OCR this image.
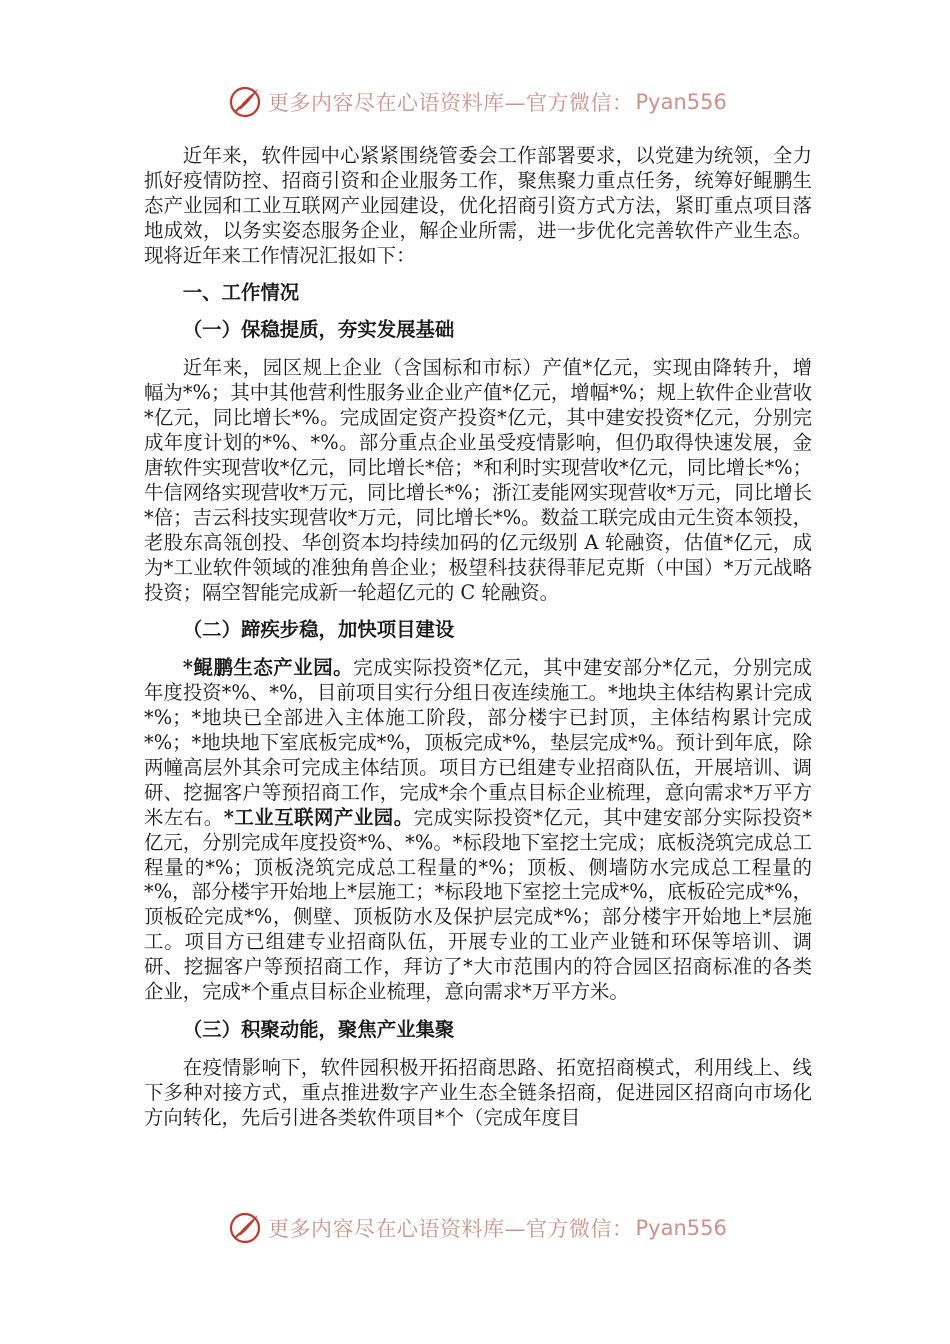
更多内容尽在心语资料库—官方微信： Pyan556

近年来，软件园中心紧紧围绕管委会工作部署要求，以党建为统领，全力抓好疫情防控、招商引资和企业服务工作，聚焦聚力重点任务，统筹好鲲鹏生态产业园和工业互联网产业园建设，优化招商引资方式方法，紧盯重点项目落地成效，以务实姿态服务企业，解企业所需，进一步优化完善软件产业生态。现将近年来工作情况汇报如下：

一、工作情况
（一）保稳提质，夯实发展基础

近年来，园区规上企业（含国标和市标）产值*亿元，实现由降转升，增幅为*%；其中其他营利性服务业企业产值*亿元，增幅*%；规上软件企业营收*亿元，同比增长*%。完成固定资产投资*亿元，其中建安投资*亿元，分别完成年度计划的*%、*%。部分重点企业虽受疫情影响，但仍取得快速发展，金唐软件实现营收*亿元，同比增长*倍；*和利时实现营收*亿元，同比增长*%；牛信网络实现营收*万元，同比增长*%；浙江麦能网实现营收*万元，同比增长*倍；吉云科技实现营收*万元，同比增长*%。数益工联完成由元生资本领投，老股东高瓴创投、华创资本均持续加码的亿元级别 A 轮融资，估值*亿元，成为*工业软件领域的准独角兽企业；极望科技获得菲尼克斯（中国）*万元战略投资；隔空智能完成新一轮超亿元的 C 轮融资。

（二）蹄疾步稳，加快项目建设

*鲲鹏生态产业园。完成实际投资*亿元，其中建安部分*亿元，分别完成年度投资*%、*%，目前项目实行分组日夜连续施工。*地块主体结构累计完成*%；*地块已全部进入主体施工阶段，部分楼宇已封顶，主体结构累计完成*%；*地块地下室底板完成*%，顶板完成*%，垫层完成*%。预计到年底，除两幢高层外其余可完成主体结顶。项目方已组建专业招商队伍，开展培训、调研、挖掘客户等预招商工作，完成*余个重点目标企业梳理，意向需求*万平方米左右。*工业互联网产业园。完成实际投资*亿元，其中建安部分实际投资*亿元，分别完成年度投资*%、*%。*标段地下室挖土完成；底板浇筑完成总工程量的*%；顶板浇筑完成总工程量的*%；顶板、侧墙防水完成总工程量的*%，部分楼宇开始地上*层施工；*标段地下室挖土完成*%，底板砼完成*%，顶板砼完成*%，侧壁、顶板防水及保护层完成*%；部分楼宇开始地上*层施工。项目方已组建专业招商队伍，开展专业的工业产业链和环保等培训、调研、挖掘客户等预招商工作，拜访了*大市范围内的符合园区招商标准的各类企业，完成*个重点目标企业梳理，意向需求*万平方米。

（三）积聚动能，聚焦产业集聚

在疫情影响下，软件园积极开拓招商思路、拓宽招商模式，利用线上、线下多种对接方式，重点推进数字产业生态全链条招商，促进园区招商向市场化方向转化，先后引进各类软件项目*个（完成年度目

更多内容尽在心语资料库—官方微信： Pyan556
